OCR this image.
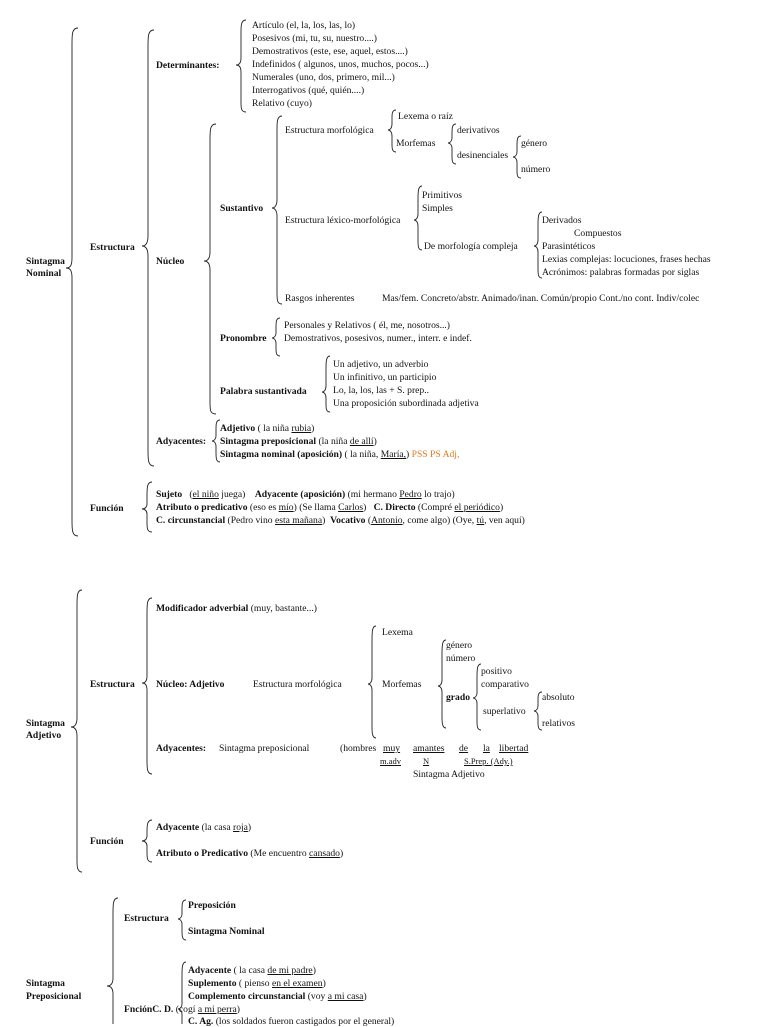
Sintagma
Nominal
Estructura
Determinantes:
Artículo (el, la, los, las, lo)
Posesivos (mi, tu, su, nuestro....)
Demostrativos (este, ese, aquel, estos....)
Indefinidos ( algunos, unos, muchos, pocos...)
Numerales (uno, dos, primero, mil...)
Interrogativos (qué, quién....)
Relativo (cuyo)
Núcleo
Sustantivo
Estructura morfológica
Lexema o raíz
Morfemas
derivativos
desinenciales
género
número
Estructura léxico-morfológica
Primitivos
Simples
De morfología compleja
Derivados
Compuestos
Parasintéticos
Lexias complejas: locuciones, frases hechas
Acrónimos: palabras formadas por siglas
Rasgos inherentes	Mas/fem. Concreto/abstr. Animado/inan. Común/propio Cont./no cont. Indiv/colec
Pronombre
Personales y Relativos ( él, me, nosotros...)
Demostrativos, posesivos, numer., interr. e indef.
Palabra sustantivada
Un adjetivo, un adverbio
Un infinitivo, un participio
Lo, la, los, las + S. prep..
Una proposición subordinada adjetiva
Adyacentes:
Adjetivo ( la niña rubia)
Sintagma preposicional (la niña de allí)
Sintagma nominal (aposición) ( la niña, María,) PSS PS Adj,
Función
Sujeto   (el niño juega) Adyacente (aposición) (mi hermano Pedro lo trajo)
Atributo o predicativo (eso es mío) (Se llama Carlos) C. Directo (Compré el periódico)
C. circunstancial (Pedro vino esta mañana) Vocativo (Antonio, come algo) (Oye, tú, ven aquí)
Sintagma
Adjetivo
Estructura
Modificador adverbial (muy, bastante...)
Núcleo: Adjetivo	Estructura morfológica
Lexema
Morfemas
género
número
grado
positivo
comparativo
superlativo
absoluto
relativos
Adyacentes: Sintagma preposicional	(hombres muy amantes de la libertad
m.adv	N	S.Prep. (Ady.)
Sintagma Adjetivo
Función
Adyacente (la casa roja)
Atributo o Predicativo (Me encuentro cansado)
Sintagma
Preposicional
Estructura
Preposición
Sintagma Nominal
Adyacente ( la casa de mi padre)
Suplemento ( pienso en el examen)
Complemento circunstancial (voy a mi casa)
FnciónC. D. (cogí a mi perra)
C. Ag. (los soldados fueron castigados por el general)
